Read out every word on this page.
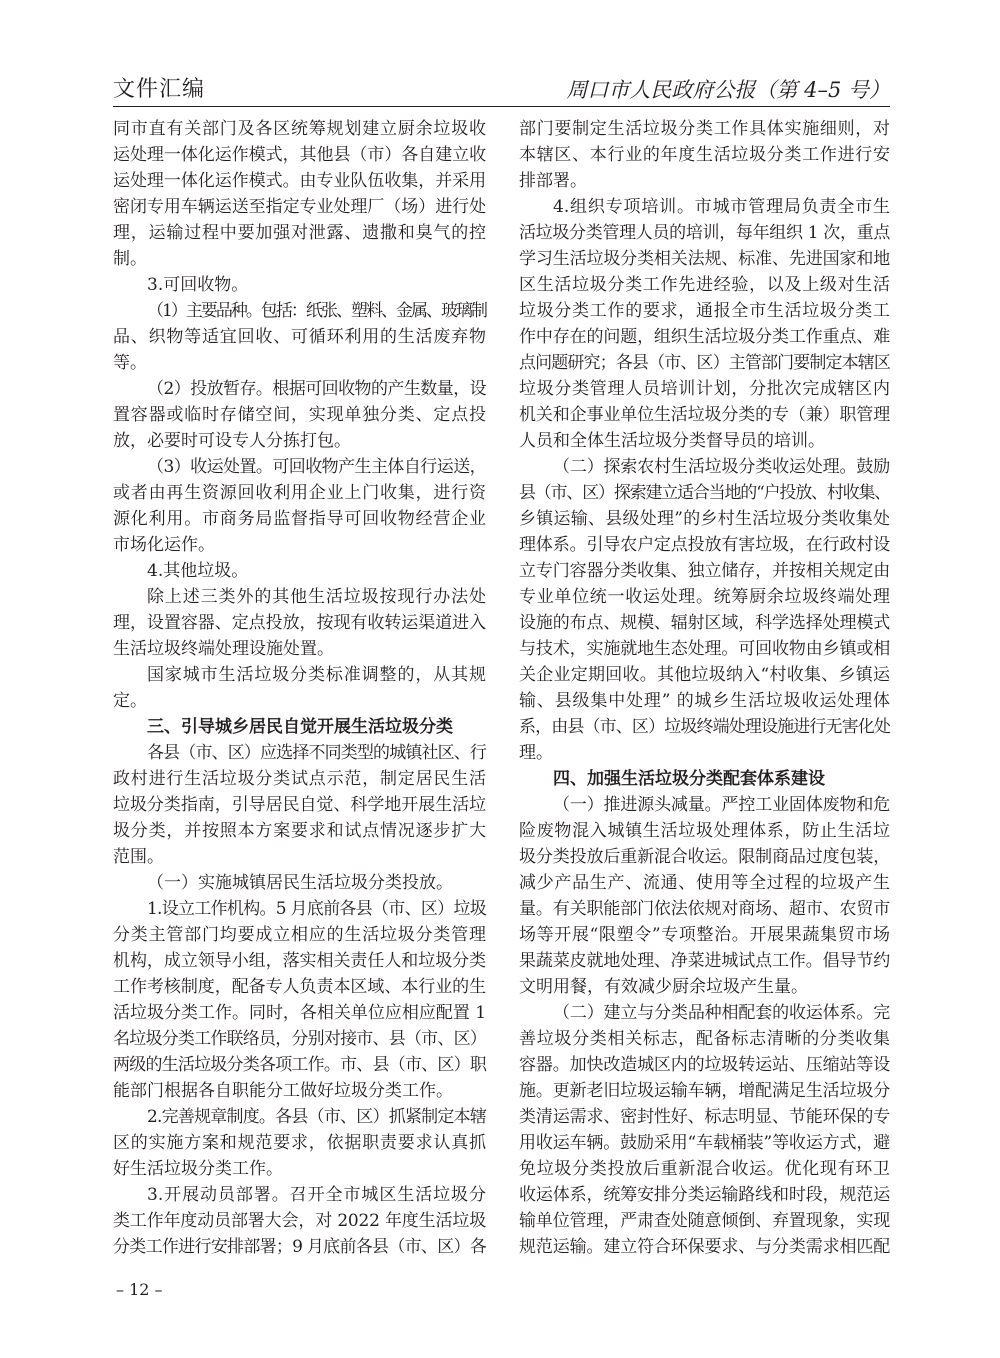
文件汇编	周口市人民政府公报（第 4–5 号）
同市直有关部门及各区统筹规划建立厨余垃圾收
运处理一体化运作模式，其他县（市）各自建立收
运处理一体化运作模式。由专业队伍收集，并采用
密闭专用车辆运送至指定专业处理厂（场）进行处
理，运输过程中要加强对泄露、遗撒和臭气的控
制。
3.可回收物。
（1）主要品种。包括：纸张、塑料、金属、玻璃制
品、织物等适宜回收、可循环利用的生活废弃物
等。
（2）投放暂存。根据可回收物的产生数量，设
置容器或临时存储空间，实现单独分类、定点投
放，必要时可设专人分拣打包。
（3）收运处置。可回收物产生主体自行运送，
或者由再生资源回收利用企业上门收集，进行资
源化利用。市商务局监督指导可回收物经营企业
市场化运作。
4.其他垃圾。
除上述三类外的其他生活垃圾按现行办法处
理，设置容器、定点投放，按现有收转运渠道进入
生活垃圾终端处理设施处置。
国家城市生活垃圾分类标准调整的，从其规
定。
三、引导城乡居民自觉开展生活垃圾分类
各县（市、区）应选择不同类型的城镇社区、行
政村进行生活垃圾分类试点示范，制定居民生活
垃圾分类指南，引导居民自觉、科学地开展生活垃
圾分类，并按照本方案要求和试点情况逐步扩大
范围。
（一）实施城镇居民生活垃圾分类投放。
1.设立工作机构。5 月底前各县（市、区）垃圾
分类主管部门均要成立相应的生活垃圾分类管理
机构，成立领导小组，落实相关责任人和垃圾分类
工作考核制度，配备专人负责本区域、本行业的生
活垃圾分类工作。同时，各相关单位应相应配置 1
名垃圾分类工作联络员，分别对接市、县（市、区）
两级的生活垃圾分类各项工作。市、县（市、区）职
能部门根据各自职能分工做好垃圾分类工作。
2.完善规章制度。各县（市、区）抓紧制定本辖
区的实施方案和规范要求，依据职责要求认真抓
好生活垃圾分类工作。
3.开展动员部署。召开全市城区生活垃圾分
类工作年度动员部署大会，对 2022 年度生活垃圾
分类工作进行安排部署；9 月底前各县（市、区）各
部门要制定生活垃圾分类工作具体实施细则，对
本辖区、本行业的年度生活垃圾分类工作进行安
排部署。
4.组织专项培训。市城市管理局负责全市生
活垃圾分类管理人员的培训，每年组织 1 次，重点
学习生活垃圾分类相关法规、标准、先进国家和地
区生活垃圾分类工作先进经验，以及上级对生活
垃圾分类工作的要求，通报全市生活垃圾分类工
作中存在的问题，组织生活垃圾分类工作重点、难
点问题研究；各县（市、区）主管部门要制定本辖区
垃圾分类管理人员培训计划，分批次完成辖区内
机关和企事业单位生活垃圾分类的专（兼）职管理
人员和全体生活垃圾分类督导员的培训。
（二）探索农村生活垃圾分类收运处理。鼓励
县（市、区）探索建立适合当地的“户投放、村收集、
乡镇运输、县级处理”的乡村生活垃圾分类收集处
理体系。引导农户定点投放有害垃圾，在行政村设
立专门容器分类收集、独立储存，并按相关规定由
专业单位统一收运处理。统筹厨余垃圾终端处理
设施的布点、规模、辐射区域，科学选择处理模式
与技术，实施就地生态处理。可回收物由乡镇或相
关企业定期回收。其他垃圾纳入“村收集、乡镇运
输、县级集中处理” 的城乡生活垃圾收运处理体
系，由县（市、区）垃圾终端处理设施进行无害化处
理。
四、加强生活垃圾分类配套体系建设
（一）推进源头减量。严控工业固体废物和危
险废物混入城镇生活垃圾处理体系，防止生活垃
圾分类投放后重新混合收运。限制商品过度包装，
减少产品生产、流通、使用等全过程的垃圾产生
量。有关职能部门依法依规对商场、超市、农贸市
场等开展“限塑令”专项整治。开展果蔬集贸市场
果蔬菜皮就地处理、净菜进城试点工作。倡导节约
文明用餐，有效减少厨余垃圾产生量。
（二）建立与分类品种相配套的收运体系。完
善垃圾分类相关标志，配备标志清晰的分类收集
容器。加快改造城区内的垃圾转运站、压缩站等设
施。更新老旧垃圾运输车辆，增配满足生活垃圾分
类清运需求、密封性好、标志明显、节能环保的专
用收运车辆。鼓励采用“车载桶装”等收运方式，避
免垃圾分类投放后重新混合收运。优化现有环卫
收运体系，统筹安排分类运输路线和时段，规范运
输单位管理，严肃查处随意倾倒、弃置现象，实现
规范运输。建立符合环保要求、与分类需求相匹配
– 12 –
